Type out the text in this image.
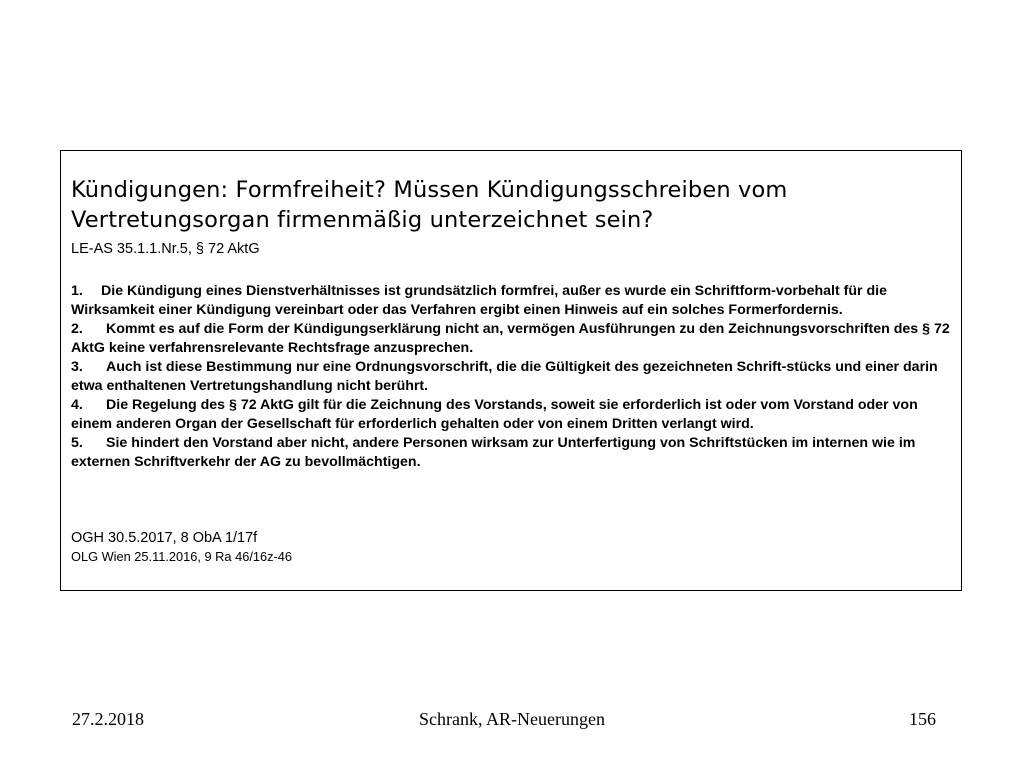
Kündigungen: Formfreiheit? Müssen Kündigungsschreiben vom Vertretungsorgan firmenmäßig unterzeichnet sein?

LE-AS 35.1.1.Nr.5, § 72 AktG

1. Die Kündigung eines Dienstverhältnisses ist grundsätzlich formfrei, außer es wurde ein Schriftform-vorbehalt für die Wirksamkeit einer Kündigung vereinbart oder das Verfahren ergibt einen Hinweis auf ein solches Formerfordernis.
2. Kommt es auf die Form der Kündigungserklärung nicht an, vermögen Ausführungen zu den Zeichnungsvorschriften des § 72 AktG keine verfahrensrelevante Rechtsfrage anzusprechen.
3. Auch ist diese Bestimmung nur eine Ordnungsvorschrift, die die Gültigkeit des gezeichneten Schrift-stücks und einer darin etwa enthaltenen Vertretungshandlung nicht berührt.
4. Die Regelung des § 72 AktG gilt für die Zeichnung des Vorstands, soweit sie erforderlich ist oder vom Vorstand oder von einem anderen Organ der Gesellschaft für erforderlich gehalten oder von einem Dritten verlangt wird.
5. Sie hindert den Vorstand aber nicht, andere Personen wirksam zur Unterfertigung von Schriftstücken im internen wie im externen Schriftverkehr der AG zu bevollmächtigen.

OGH 30.5.2017, 8 ObA 1/17f

OLG Wien 25.11.2016, 9 Ra 46/16z-46

27.2.2018	Schrank, AR-Neuerungen	156
